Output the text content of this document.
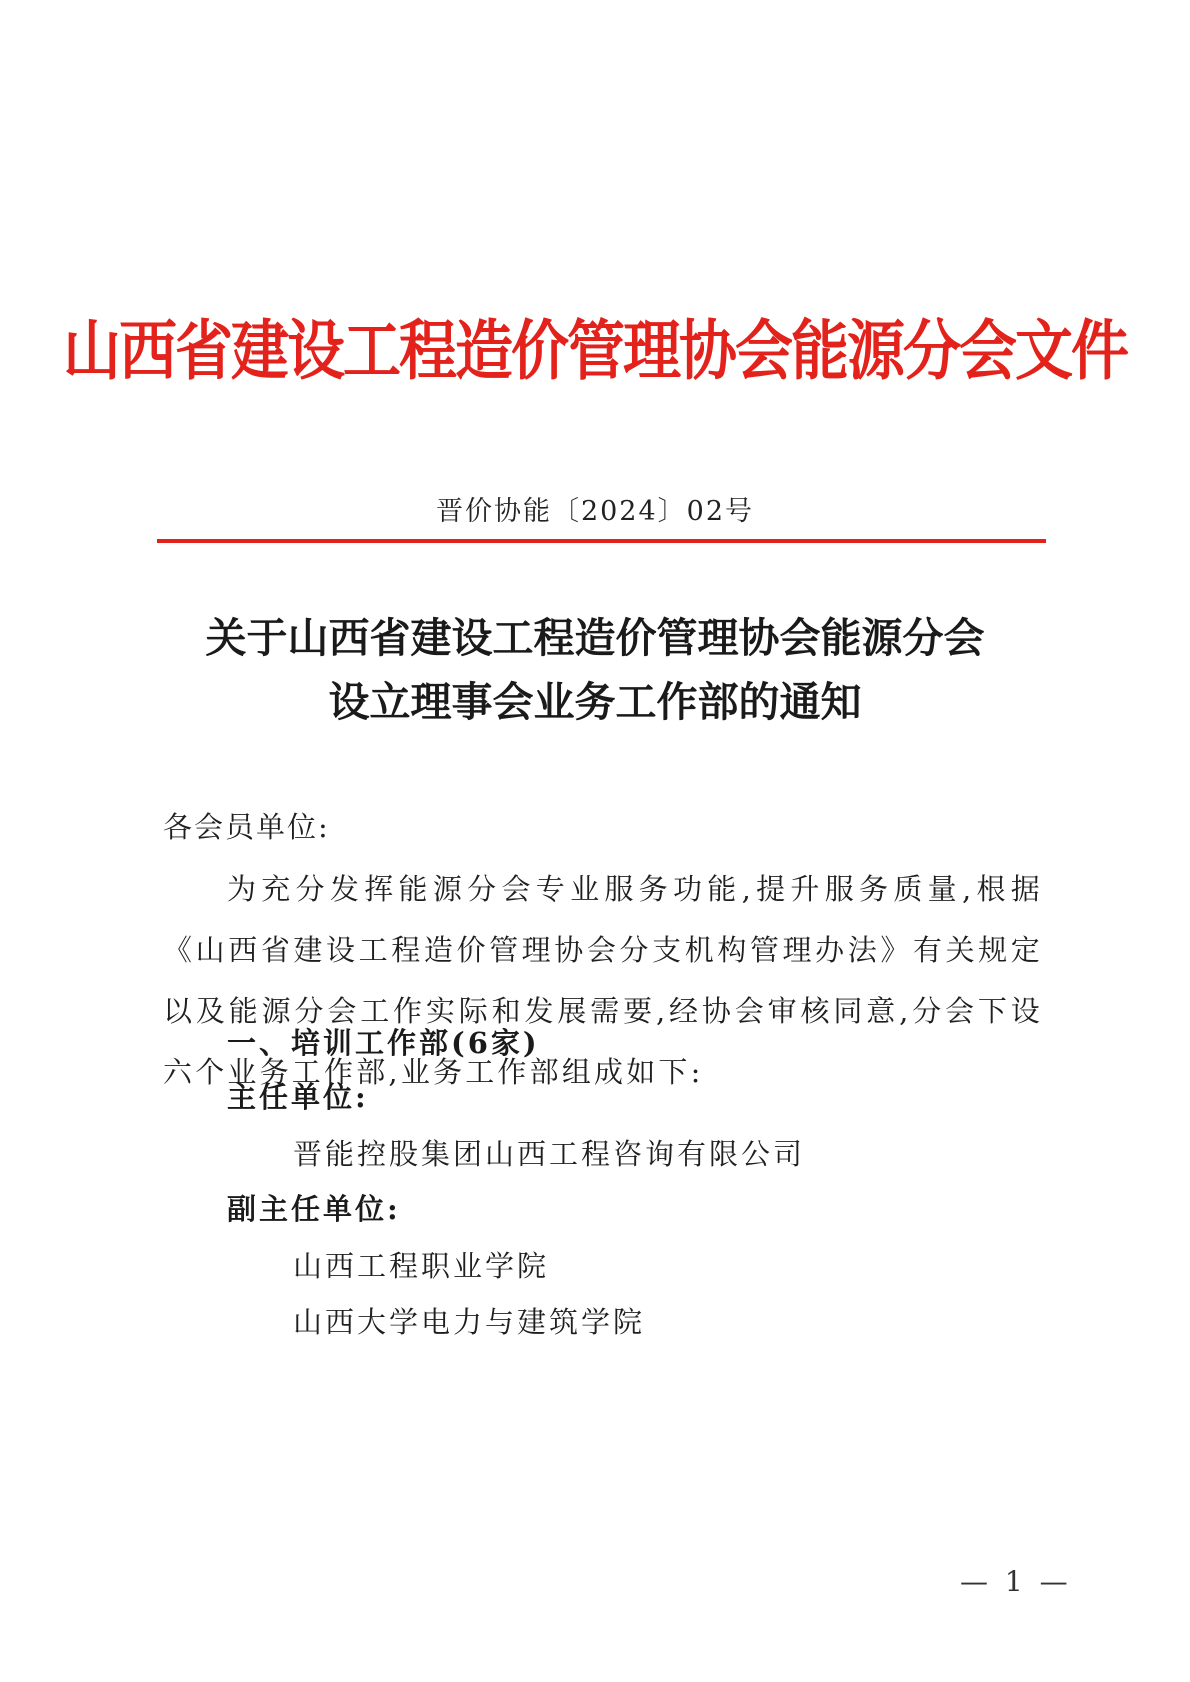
山西省建设工程造价管理协会能源分会文件
晋价协能〔2024〕02号
关于山西省建设工程造价管理协会能源分会
设立理事会业务工作部的通知
各会员单位:
为充分发挥能源分会专业服务功能,提升服务质量,根据《山西省建设工程造价管理协会分支机构管理办法》有关规定以及能源分会工作实际和发展需要,经协会审核同意,分会下设六个业务工作部,业务工作部组成如下:
一、培训工作部(6家)
主任单位:
晋能控股集团山西工程咨询有限公司
副主任单位:
山西工程职业学院
山西大学电力与建筑学院
— 1 —
